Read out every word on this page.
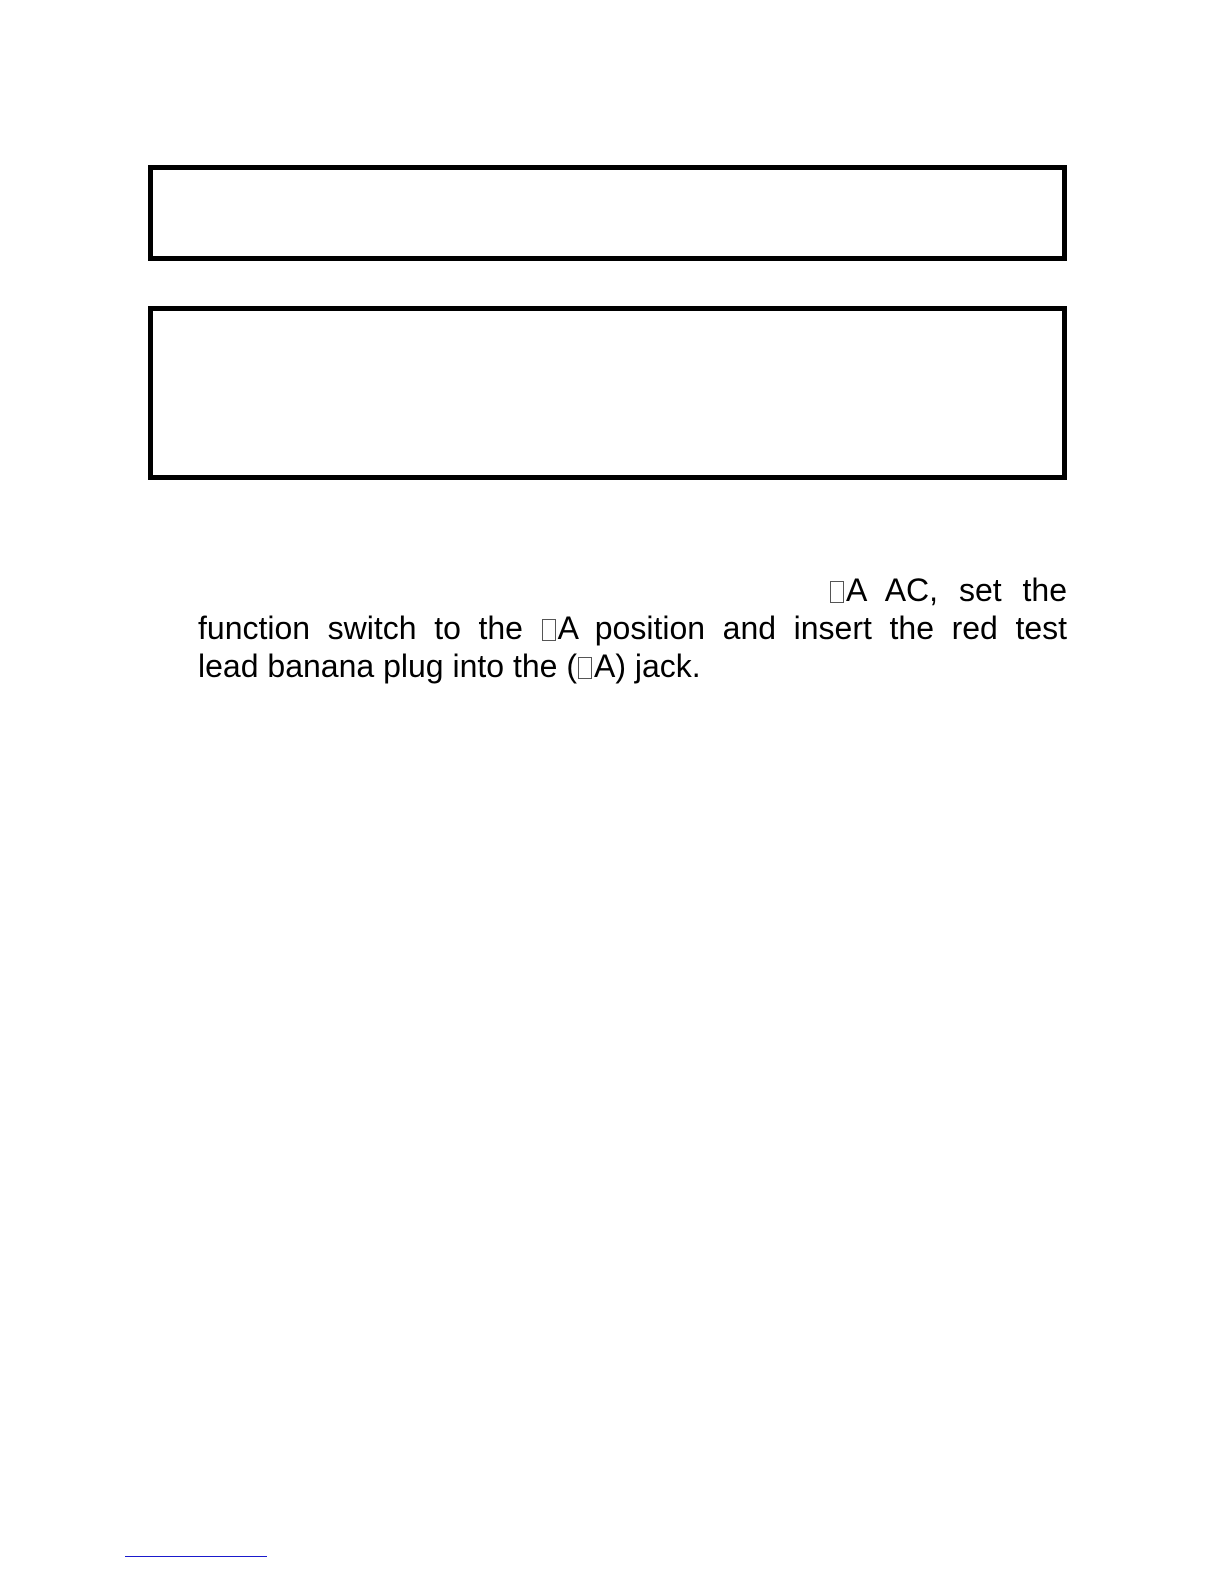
A AC, set the
function switch to the A position and insert the red test
lead banana plug into the ( A) jack.
